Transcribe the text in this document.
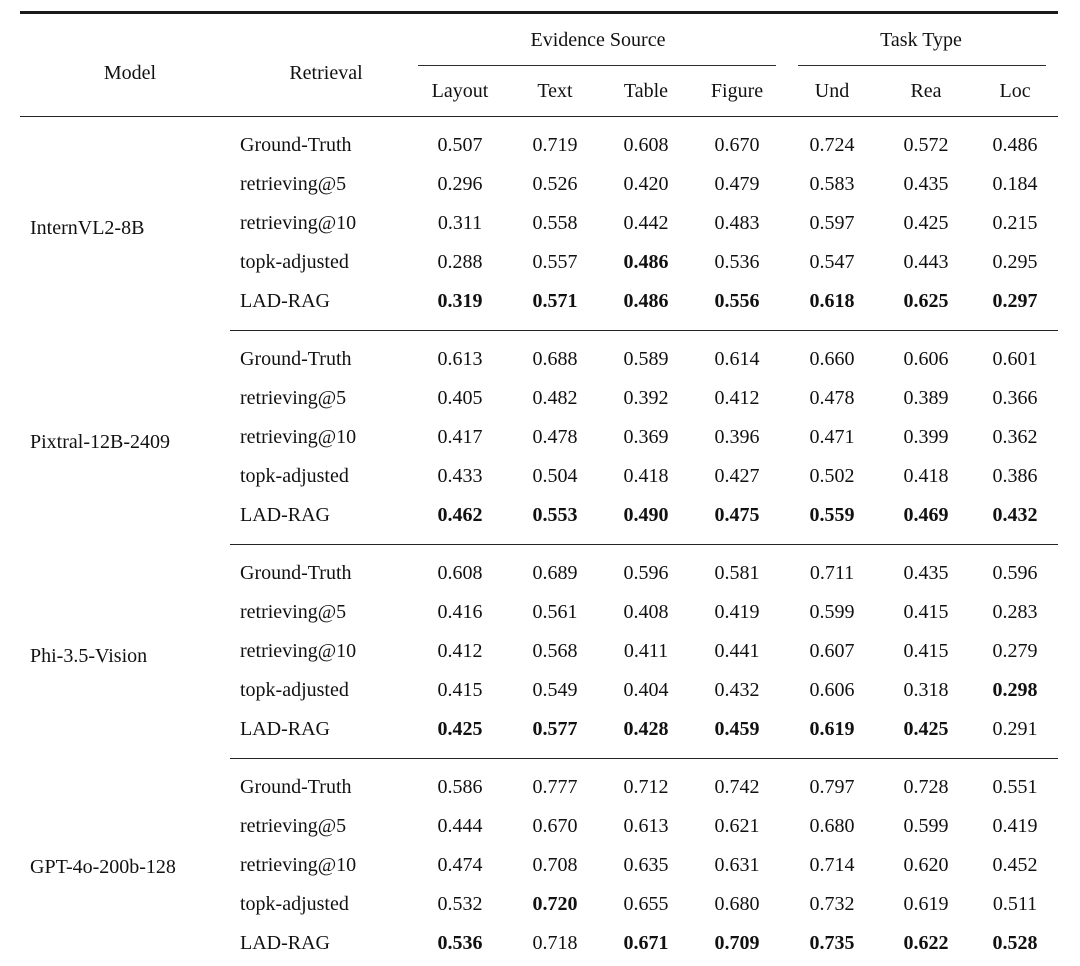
Model	Retrieval	Evidence Source				Task Type		

		Layout	Text	Table	Figure	Und	Rea	Loc
InternVL2-8B	Ground-Truth	0.507	0.719	0.608	0.670	0.724	0.572	0.486
	retrieving@5	0.296	0.526	0.420	0.479	0.583	0.435	0.184
	retrieving@10	0.311	0.558	0.442	0.483	0.597	0.425	0.215
	topk-adjusted	0.288	0.557	0.486	0.536	0.547	0.443	0.295
	LAD-RAG	0.319	0.571	0.486	0.556	0.618	0.625	0.297
Pixtral-12B-2409	Ground-Truth	0.613	0.688	0.589	0.614	0.660	0.606	0.601
	retrieving@5	0.405	0.482	0.392	0.412	0.478	0.389	0.366
	retrieving@10	0.417	0.478	0.369	0.396	0.471	0.399	0.362
	topk-adjusted	0.433	0.504	0.418	0.427	0.502	0.418	0.386
	LAD-RAG	0.462	0.553	0.490	0.475	0.559	0.469	0.432
Phi-3.5-Vision	Ground-Truth	0.608	0.689	0.596	0.581	0.711	0.435	0.596
	retrieving@5	0.416	0.561	0.408	0.419	0.599	0.415	0.283
	retrieving@10	0.412	0.568	0.411	0.441	0.607	0.415	0.279
	topk-adjusted	0.415	0.549	0.404	0.432	0.606	0.318	0.298
	LAD-RAG	0.425	0.577	0.428	0.459	0.619	0.425	0.291
GPT-4o-200b-128	Ground-Truth	0.586	0.777	0.712	0.742	0.797	0.728	0.551
	retrieving@5	0.444	0.670	0.613	0.621	0.680	0.599	0.419
	retrieving@10	0.474	0.708	0.635	0.631	0.714	0.620	0.452
	topk-adjusted	0.532	0.720	0.655	0.680	0.732	0.619	0.511
	LAD-RAG	0.536	0.718	0.671	0.709	0.735	0.622	0.528
